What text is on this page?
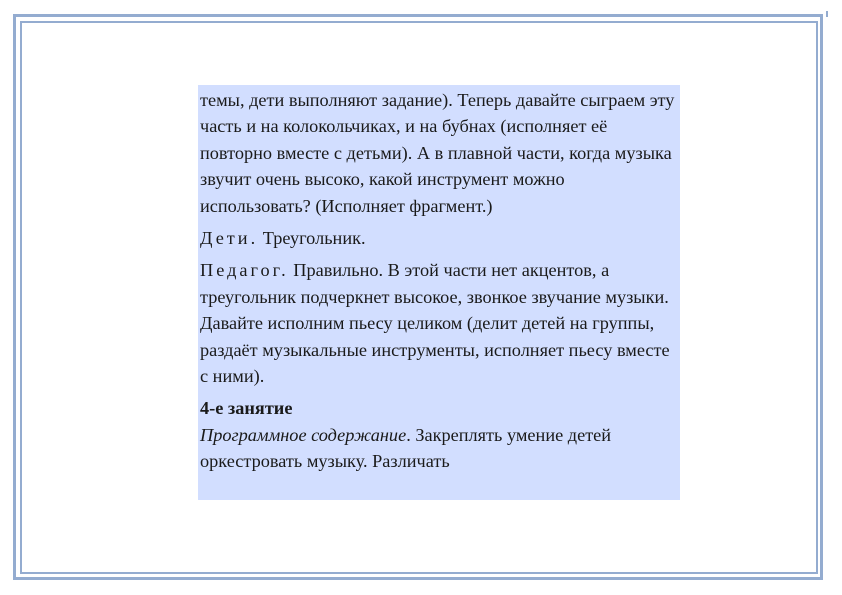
темы, дети выполняют задание). Теперь давайте сыграем эту часть и на колокольчиках, и на бубнах (исполняет её повторно вместе с детьми). А в плавной части, когда музыка звучит очень высоко, какой инструмент можно использовать? (Исполняет фрагмент.)

Дети. Треугольник.

Педагог. Правильно. В этой части нет акцентов, а треугольник подчеркнет высокое, звонкое звучание музыки. Давайте исполним пьесу целиком (делит детей на группы, раздаёт музыкальные инструменты, исполняет пьесу вместе с ними).

4-е занятие

Программное содержание. Закреплять умение детей оркестровать музыку. Различать
